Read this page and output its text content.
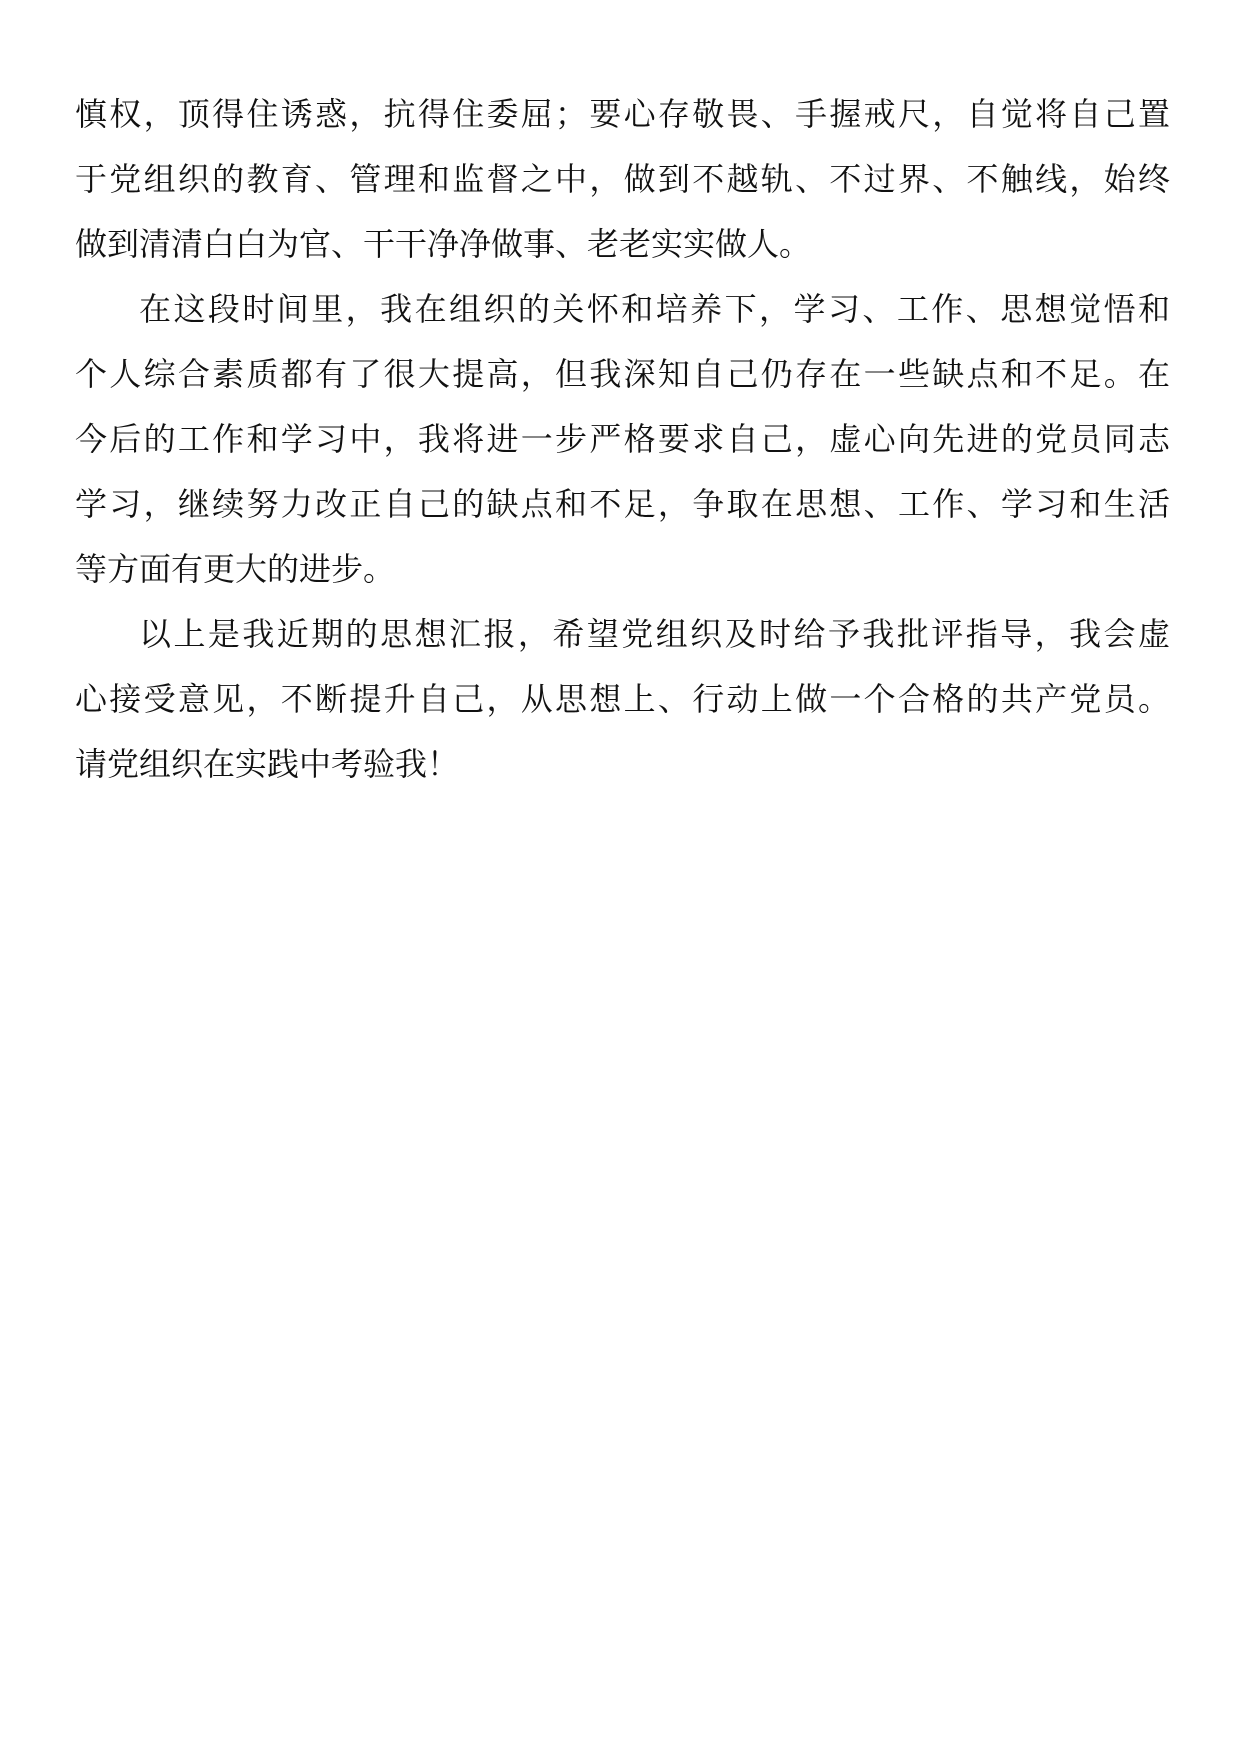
慎权，顶得住诱惑，抗得住委屈；要心存敬畏、手握戒尺，自觉将自己置
于党组织的教育、管理和监督之中，做到不越轨、不过界、不触线，始终
做到清清白白为官、干干净净做事、老老实实做人。
在这段时间里，我在组织的关怀和培养下，学习、工作、思想觉悟和
个人综合素质都有了很大提高，但我深知自己仍存在一些缺点和不足。在
今后的工作和学习中，我将进一步严格要求自己，虚心向先进的党员同志
学习，继续努力改正自己的缺点和不足，争取在思想、工作、学习和生活
等方面有更大的进步。
以上是我近期的思想汇报，希望党组织及时给予我批评指导，我会虚
心接受意见，不断提升自己，从思想上、行动上做一个合格的共产党员。
请党组织在实践中考验我！
